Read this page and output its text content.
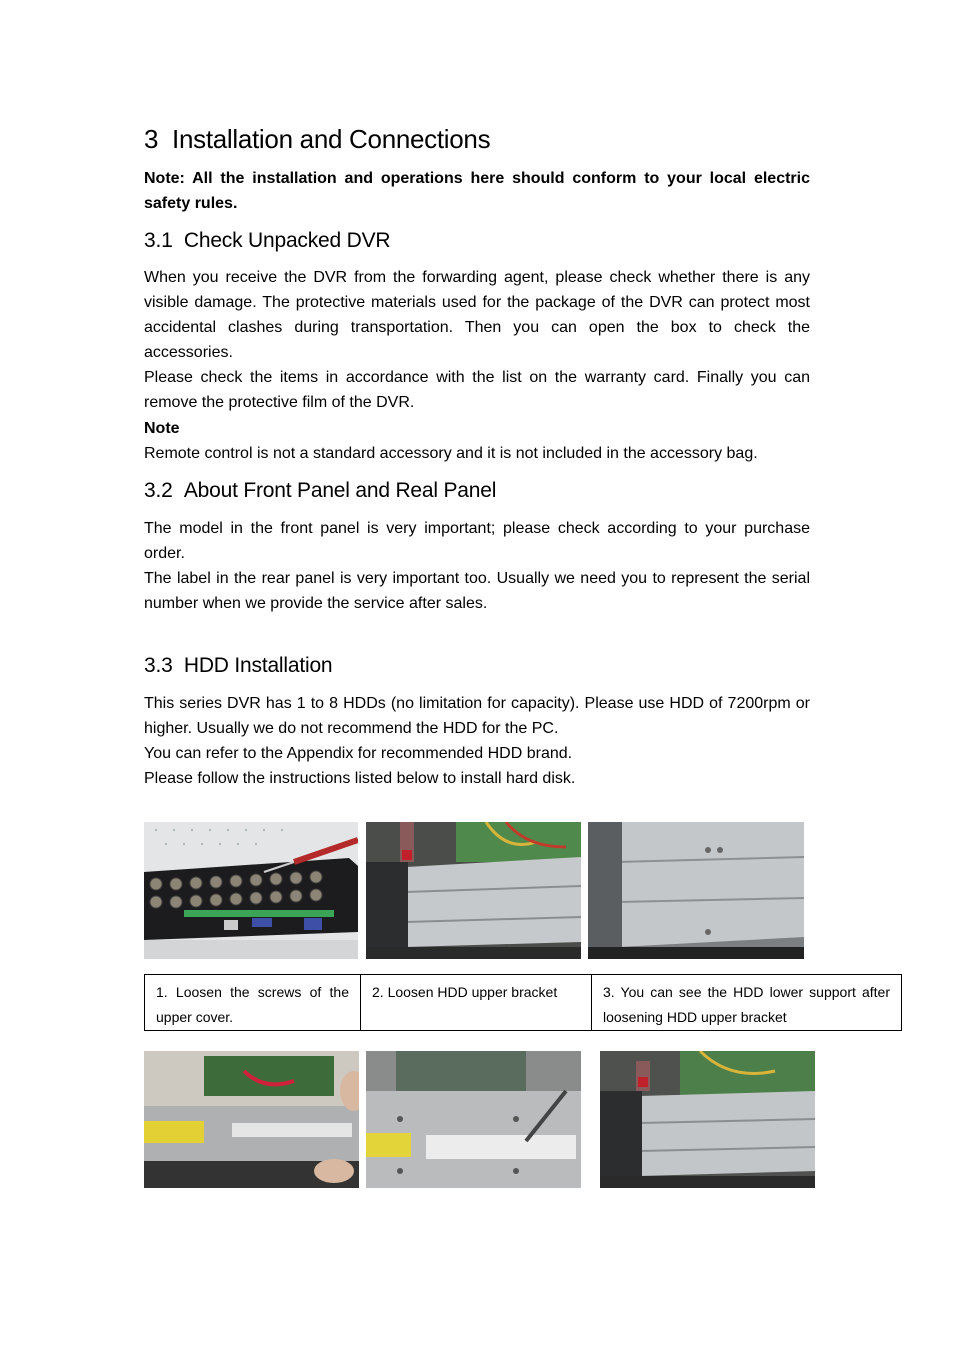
3 Installation and Connections

Note: All the installation and operations here should conform to your local electric safety rules.

3.1 Check Unpacked DVR

When you receive the DVR from the forwarding agent, please check whether there is any visible damage. The protective materials used for the package of the DVR can protect most accidental clashes during transportation. Then you can open the box to check the accessories.

Please check the items in accordance with the list on the warranty card. Finally you can remove the protective film of the DVR.

Note

Remote control is not a standard accessory and it is not included in the accessory bag.

3.2 About Front Panel and Real Panel

The model in the front panel is very important; please check according to your purchase order.

The label in the rear panel is very important too. Usually we need you to represent the serial number when we provide the service after sales.

3.3 HDD Installation

This series DVR has 1 to 8 HDDs (no limitation for capacity). Please use HDD of 7200rpm or higher. Usually we do not recommend the HDD for the PC.

You can refer to the Appendix for recommended HDD brand.

Please follow the instructions listed below to install hard disk.

1. Loosen the screws of the upper cover.	2. Loosen HDD upper bracket	3. You can see the HDD lower support after loosening HDD upper bracket
